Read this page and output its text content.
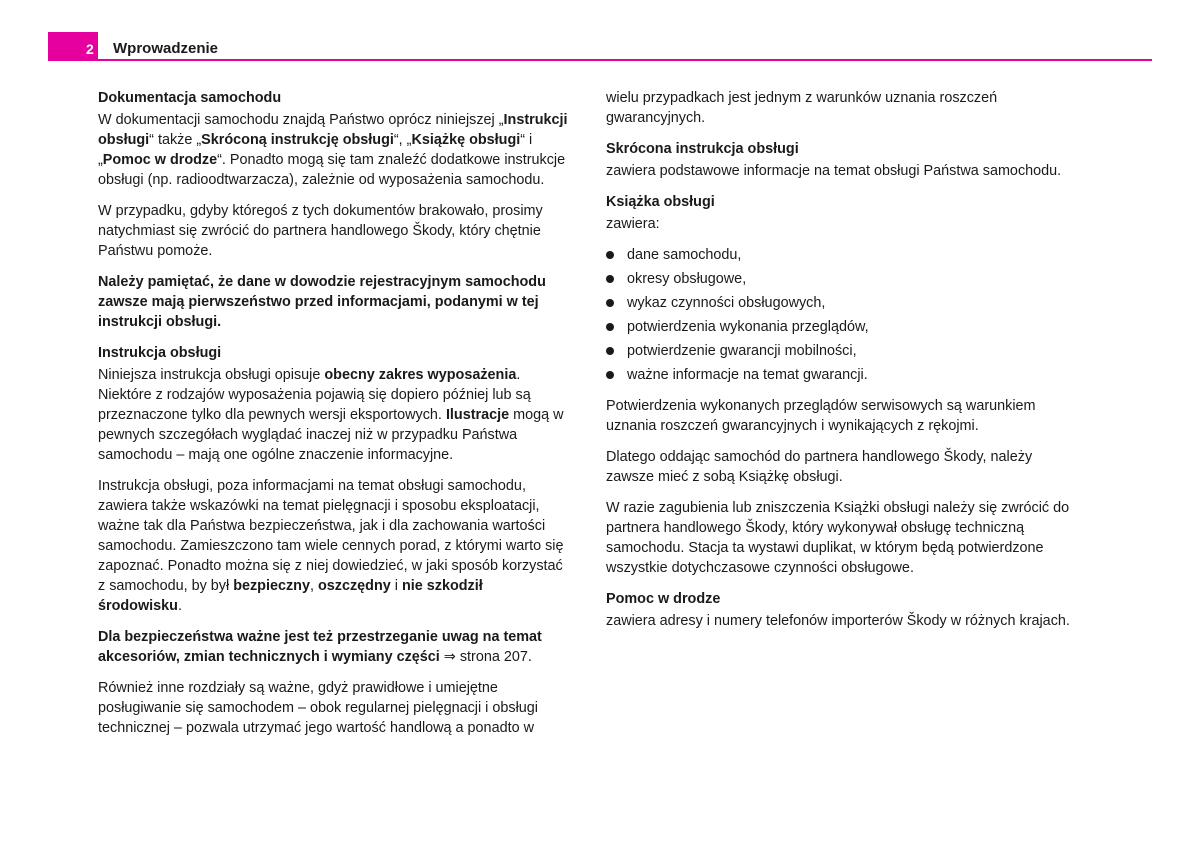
2 Wprowadzenie
Dokumentacja samochodu

W dokumentacji samochodu znajdą Państwo oprócz niniejszej „Instrukcji obsługi“ także „Skróconą instrukcję obsługi“, „Książkę obsługi“ i „Pomoc w drodze“. Ponadto mogą się tam znaleźć dodatkowe instrukcje obsługi (np. radioodtwarzacza), zależnie od wyposażenia samochodu.

W przypadku, gdyby któregoś z tych dokumentów brakowało, prosimy natychmiast się zwrócić do partnera handlowego Škody, który chętnie Państwu pomoże.

Należy pamiętać, że dane w dowodzie rejestracyjnym samochodu zawsze mają pierwszeństwo przed informacjami, podanymi w tej instrukcji obsługi.

Instrukcja obsługi

Niniejsza instrukcja obsługi opisuje obecny zakres wyposażenia. Niektóre z rodzajów wyposażenia pojawią się dopiero później lub są przeznaczone tylko dla pewnych wersji eksportowych. Ilustracje mogą w pewnych szczegółach wyglądać inaczej niż w przypadku Państwa samochodu – mają one ogólne znaczenie informacyjne.

Instrukcja obsługi, poza informacjami na temat obsługi samochodu, zawiera także wskazówki na temat pielęgnacji i sposobu eksploatacji, ważne tak dla Państwa bezpieczeństwa, jak i dla zachowania wartości samochodu. Zamieszczono tam wiele cennych porad, z którymi warto się zapoznać. Ponadto można się z niej dowiedzieć, w jaki sposób korzystać z samochodu, by był bezpieczny, oszczędny i nie szkodził środowisku.

Dla bezpieczeństwa ważne jest też przestrzeganie uwag na temat akcesoriów, zmian technicznych i wymiany części ⇒ strona 207.

Również inne rozdziały są ważne, gdyż prawidłowe i umiejętne posługiwanie się samochodem – obok regularnej pielęgnacji i obsługi technicznej – pozwala utrzymać jego wartość handlową a ponadto w

wielu przypadkach jest jednym z warunków uznania roszczeń gwarancyjnych.

Skrócona instrukcja obsługi

zawiera podstawowe informacje na temat obsługi Państwa samochodu.

Książka obsługi

zawiera:

dane samochodu,
okresy obsługowe,
wykaz czynności obsługowych,
potwierdzenia wykonania przeglądów,
potwierdzenie gwarancji mobilności,
ważne informacje na temat gwarancji.

Potwierdzenia wykonanych przeglądów serwisowych są warunkiem uznania roszczeń gwarancyjnych i wynikających z rękojmi.

Dlatego oddając samochód do partnera handlowego Škody, należy zawsze mieć z sobą Książkę obsługi.

W razie zagubienia lub zniszczenia Książki obsługi należy się zwrócić do partnera handlowego Škody, który wykonywał obsługę techniczną samochodu. Stacja ta wystawi duplikat, w którym będą potwierdzone wszystkie dotychczasowe czynności obsługowe.

Pomoc w drodze

zawiera adresy i numery telefonów importerów Škody w różnych krajach.
